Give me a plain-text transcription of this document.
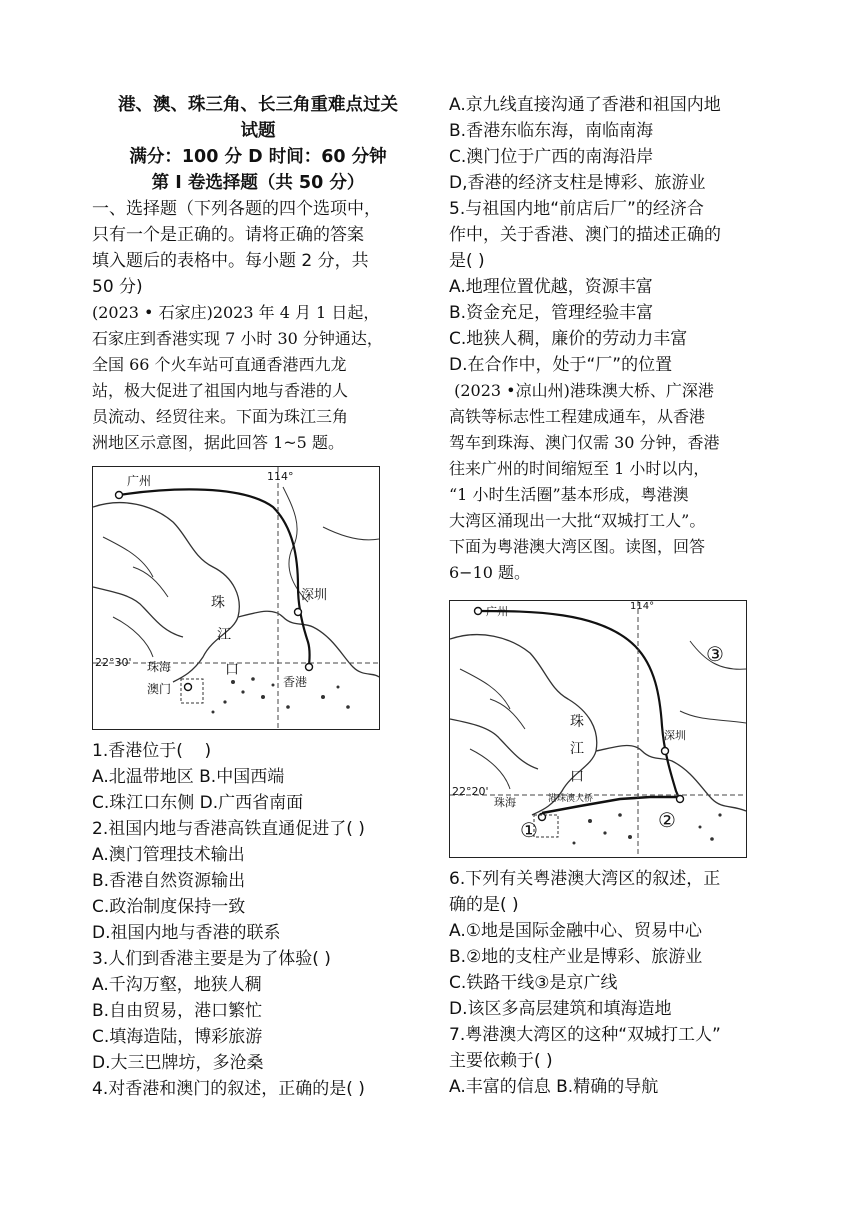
港、澳、珠三角、长三角重难点过关
试题
满分：100 分 D 时间：60 分钟
第 I 卷选择题（共 50 分）
一、选择题（下列各题的四个选项中，
只有一个是正确的。请将正确的答案
填入题后的表格中。每小题 2 分，共
50 分)
(2023 • 石家庄)2023 年 4 月 1 日起，
石家庄到香港实现 7 小时 30 分钟通达，
全国 66 个火车站可直通香港西九龙
站，极大促进了祖国内地与香港的人
员流动、经贸往来。下面为珠江三角
洲地区示意图，据此回答 1~5 题。
广州	114°
深圳
珠
江
口
22°30' 珠海
澳门	香港
1.香港位于(    )
A.北温带地区 B.中国西端
C.珠江口东侧 D.广西省南面
2.祖国内地与香港高铁直通促进了( )
A.澳门管理技术输出
B.香港自然资源输出
C.政治制度保持一致
D.祖国内地与香港的联系
3.人们到香港主要是为了体验( )
A.千沟万壑，地狭人稠
B.自由贸易，港口繁忙
C.填海造陆，博彩旅游
D.大三巴牌坊，多沧桑
4.对香港和澳门的叙述，正确的是( )
A.京九线直接沟通了香港和祖国内地
B.香港东临东海，南临南海
C.澳门位于广西的南海沿岸
D,香港的经济支柱是博彩、旅游业
5.与祖国内地“前店后厂”的经济合
作中，关于香港、澳门的描述正确的
是( )
A.地理位置优越，资源丰富
B.资金充足，管理经验丰富
C.地狭人稠，廉价的劳动力丰富
D.在合作中，处于“厂”的位置
(2023 •凉山州)港珠澳大桥、广深港
高铁等标志性工程建成通车，从香港
驾车到珠海、澳门仅需 30 分钟，香港
往来广州的时间缩短至 1 小时以内，
“1 小时生活圈”基本形成，粤港澳
大湾区涌现出一大批“双城打工人”。
下面为粤港澳大湾区图。读图，回答
6−10 题。
广州	114°
③
珠
江
口
深圳
22°20'
珠海	港珠澳大桥
①	②
6.下列有关粤港澳大湾区的叙述，正
确的是( )
A.①地是国际金融中心、贸易中心
B.②地的支柱产业是博彩、旅游业
C.铁路干线③是京广线
D.该区多高层建筑和填海造地
7.粤港澳大湾区的这种“双城打工人”
主要依赖于( )
A.丰富的信息 B.精确的导航
